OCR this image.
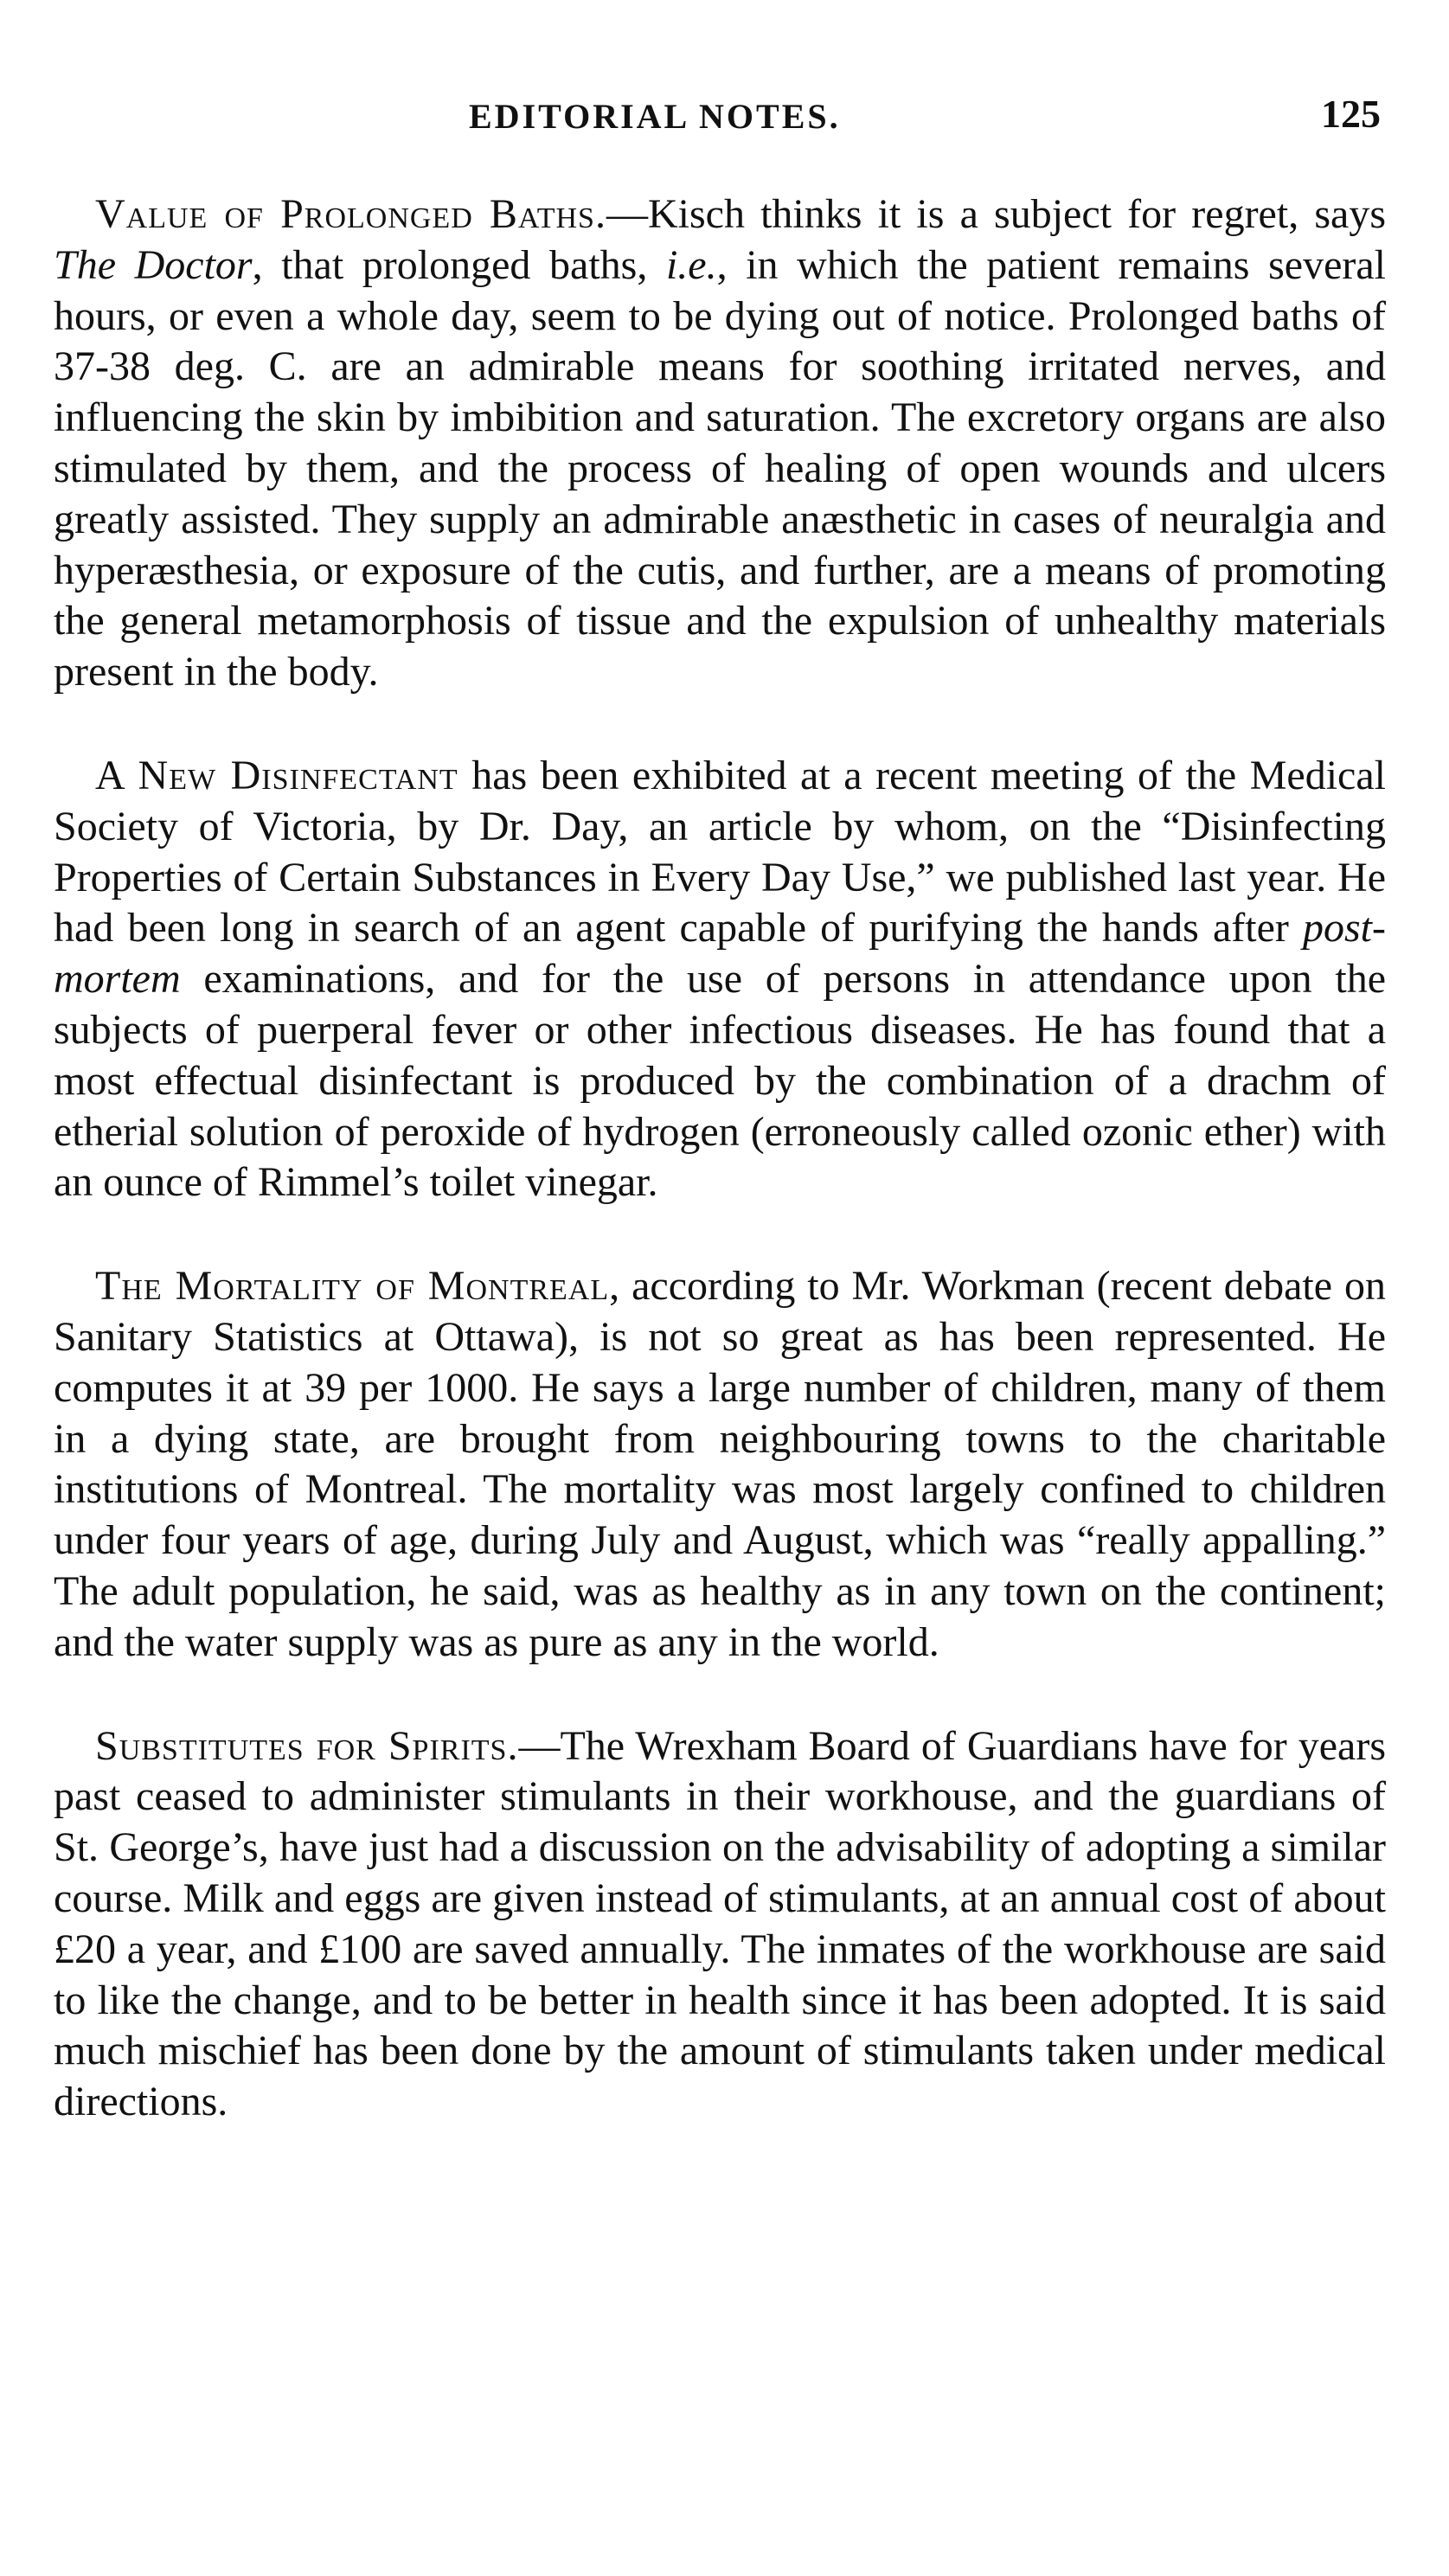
EDITORIAL NOTES.	125

Value of Prolonged Baths.—Kisch thinks it is a subject for regret, says The Doctor, that prolonged baths, i.e., in which the patient remains several hours, or even a whole day, seem to be dying out of notice. Prolonged baths of 37-38 deg. C. are an admirable means for soothing irritated nerves, and influencing the skin by imbibition and saturation. The excretory organs are also stimulated by them, and the process of healing of open wounds and ulcers greatly assisted. They supply an admirable anæsthetic in cases of neuralgia and hyperæsthesia, or exposure of the cutis, and further, are a means of promoting the general metamorphosis of tissue and the expulsion of unhealthy materials present in the body.

A New Disinfectant has been exhibited at a recent meeting of the Medical Society of Victoria, by Dr. Day, an article by whom, on the “Disinfecting Properties of Certain Substances in Every Day Use,” we published last year. He had been long in search of an agent capable of purifying the hands after post-mortem examinations, and for the use of persons in attendance upon the subjects of puerperal fever or other infectious diseases. He has found that a most effectual disinfectant is produced by the combination of a drachm of etherial solution of peroxide of hydrogen (erroneously called ozonic ether) with an ounce of Rimmel’s toilet vinegar.

The Mortality of Montreal, according to Mr. Workman (recent debate on Sanitary Statistics at Ottawa), is not so great as has been represented. He computes it at 39 per 1000. He says a large number of children, many of them in a dying state, are brought from neighbouring towns to the charitable institutions of Montreal. The mortality was most largely confined to children under four years of age, during July and August, which was “really appalling.” The adult population, he said, was as healthy as in any town on the continent; and the water supply was as pure as any in the world.

Substitutes for Spirits.—The Wrexham Board of Guardians have for years past ceased to administer stimulants in their workhouse, and the guardians of St. George’s, have just had a discussion on the advisability of adopting a similar course. Milk and eggs are given instead of stimulants, at an annual cost of about £20 a year, and £100 are saved annually. The inmates of the workhouse are said to like the change, and to be better in health since it has been adopted. It is said much mischief has been done by the amount of stimulants taken under medical directions.
